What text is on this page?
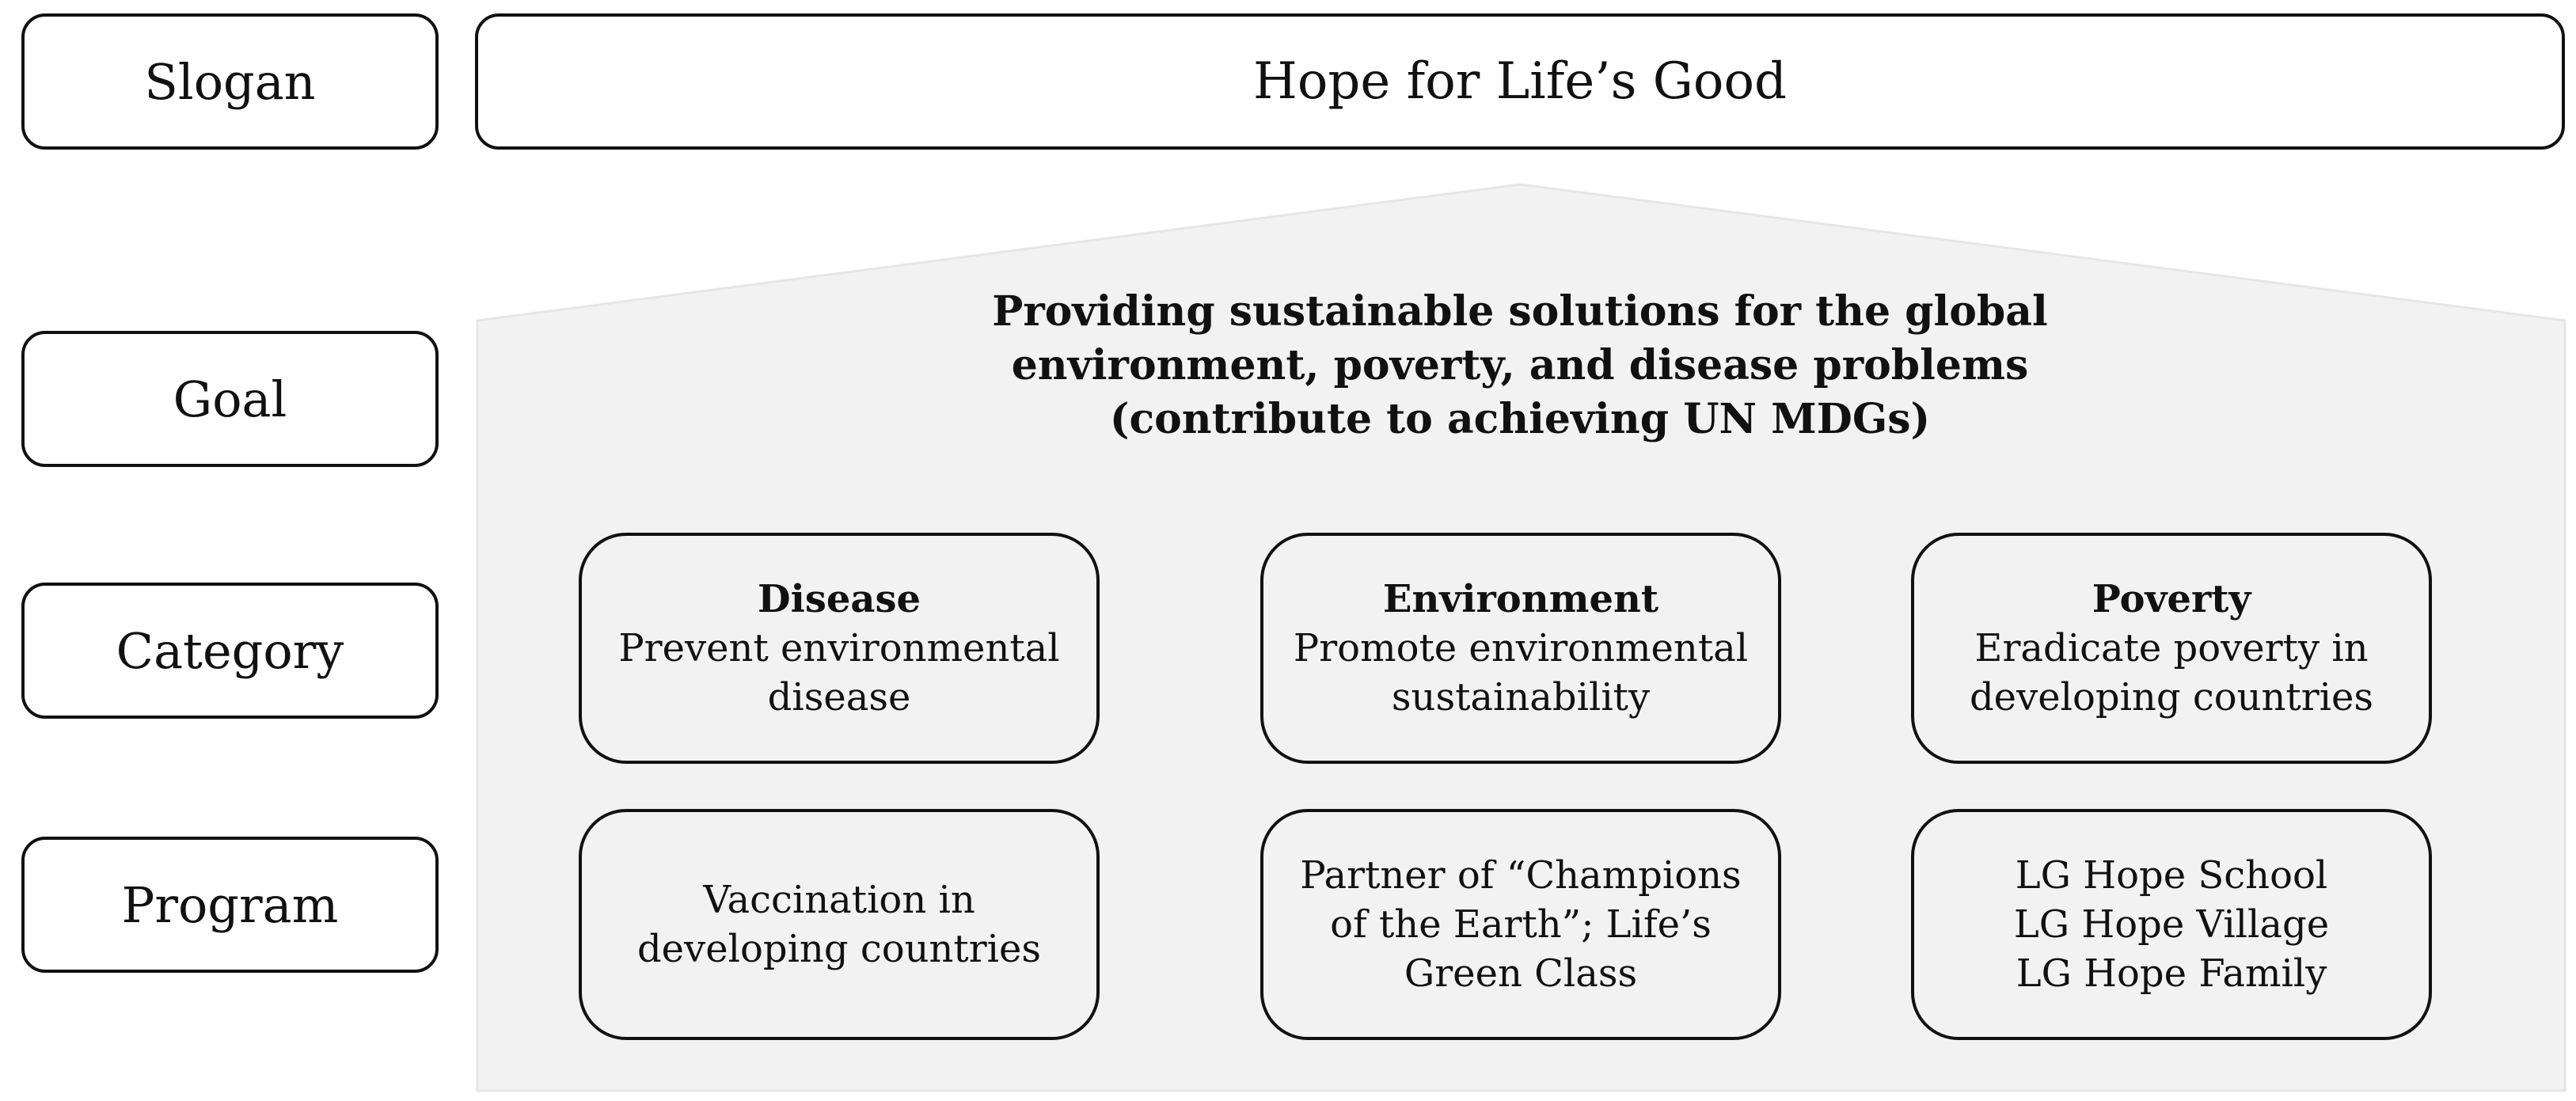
Slogan
Goal
Category
Program
Hope for Life’s Good
Providing sustainable solutions for the global
environment, poverty, and disease problems
(contribute to achieving UN MDGs)
Disease
Prevent environmental
disease
Environment
Promote environmental
sustainability
Poverty
Eradicate poverty in
developing countries
Vaccination in
developing countries
Partner of “Champions
of the Earth”; Life’s
Green Class
LG Hope School
LG Hope Village
LG Hope Family
